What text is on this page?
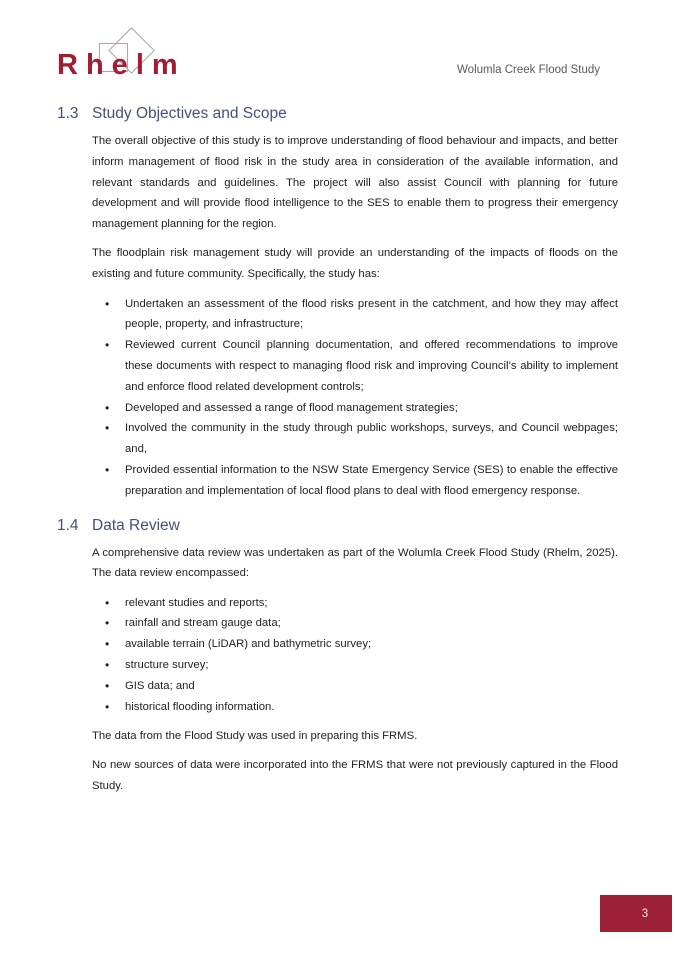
R h e l m	Wolumla Creek Flood Study
1.3 Study Objectives and Scope

The overall objective of this study is to improve understanding of flood behaviour and impacts, and better inform management of flood risk in the study area in consideration of the available information, and relevant standards and guidelines. The project will also assist Council with planning for future development and will provide flood intelligence to the SES to enable them to progress their emergency management planning for the region.

The floodplain risk management study will provide an understanding of the impacts of floods on the existing and future community. Specifically, the study has:

• Undertaken an assessment of the flood risks present in the catchment, and how they may affect people, property, and infrastructure;
• Reviewed current Council planning documentation, and offered recommendations to improve these documents with respect to managing flood risk and improving Council’s ability to implement and enforce flood related development controls;
• Developed and assessed a range of flood management strategies;
• Involved the community in the study through public workshops, surveys, and Council webpages; and,
• Provided essential information to the NSW State Emergency Service (SES) to enable the effective preparation and implementation of local flood plans to deal with flood emergency response.
1.4 Data Review

A comprehensive data review was undertaken as part of the Wolumla Creek Flood Study (Rhelm, 2025). The data review encompassed:

• relevant studies and reports;
• rainfall and stream gauge data;
• available terrain (LiDAR) and bathymetric survey;
• structure survey;
• GIS data; and
• historical flooding information.

The data from the Flood Study was used in preparing this FRMS.

No new sources of data were incorporated into the FRMS that were not previously captured in the Flood Study.

3
